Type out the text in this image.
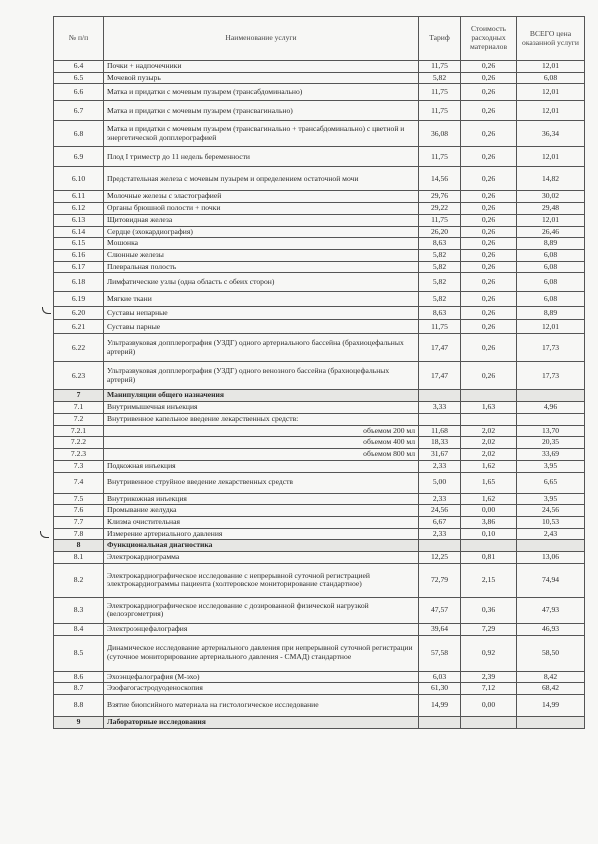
№ п/п	Наименование услуги	Тариф	Стоимость расходных материалов	ВСЕГО цена оказанной услуги
6.4	Почки + надпочечники	11,75	0,26	12,01
6.5	Мочевой пузырь	5,82	0,26	6,08
6.6	Матка и придатки с мочевым пузырем (трансабдоминально)	11,75	0,26	12,01
6.7	Матка и придатки с мочевым пузырем (трансвагинально)	11,75	0,26	12,01
6.8	Матка и придатки с мочевым пузырем (трансвагинально + трансабдоминально) с цветной и энергетической допплерографией	36,08	0,26	36,34
6.9	Плод I триместр до 11 недель беременности	11,75	0,26	12,01
6.10	Предстательная железа с мочевым пузырем и определением остаточной мочи	14,56	0,26	14,82
6.11	Молочные железы с эластографией	29,76	0,26	30,02
6.12	Органы брюшной полости + почки	29,22	0,26	29,48
6.13	Щитовидная железа	11,75	0,26	12,01
6.14	Сердце (эхокардиография)	26,20	0,26	26,46
6.15	Мошонка	8,63	0,26	8,89
6.16	Слюнные железы	5,82	0,26	6,08
6.17	Плевральная полость	5,82	0,26	6,08
6.18	Лимфатические узлы (одна область с обеих сторон)	5,82	0,26	6,08
6.19	Мягкие ткани	5,82	0,26	6,08
6.20	Суставы непарные	8,63	0,26	8,89
6.21	Суставы парные	11,75	0,26	12,01
6.22	Ультразвуковая допплерография (УЗДГ) одного артериального бассейна (брахиоцефальных артерий)	17,47	0,26	17,73
6.23	Ультразвуковая допплерография (УЗДГ) одного венозного бассейна (брахиоцефальных артерий)	17,47	0,26	17,73
7	Манипуляции общего назначения			
7.1	Внутримышечная инъекция	3,33	1,63	4,96
7.2	Внутривенное капельное введение лекарственных средств:			
7.2.1	объемом 200 мл	11,68	2,02	13,70
7.2.2	объемом 400 мл	18,33	2,02	20,35
7.2.3	объемом 800 мл	31,67	2,02	33,69
7.3	Подкожная инъекция	2,33	1,62	3,95
7.4	Внутривенное струйное введение лекарственных средств	5,00	1,65	6,65
7.5	Внутрикожная инъекция	2,33	1,62	3,95
7.6	Промывание желудка	24,56	0,00	24,56
7.7	Клизма очистительная	6,67	3,86	10,53
7.8	Измерение артериального давления	2,33	0,10	2,43
8	Функциональная диагностика			
8.1	Электрокардиограмма	12,25	0,81	13,06
8.2	Электрокардиографическое исследование с непрерывной суточной регистрацией электрокардиограммы пациента (холтеровское мониторирование стандартное)	72,79	2,15	74,94
8.3	Электрокардиографическое исследование с дозированной физической нагрузкой (велоэргометрия)	47,57	0,36	47,93
8.4	Электроэнцефалография	39,64	7,29	46,93
8.5	Динамическое исследование артериального давления при непрерывной суточной регистрации (суточное мониторирование артериального давления - СМАД) стандартное	57,58	0,92	58,50
8.6	Эхоэнцефалография (М-эхо)	6,03	2,39	8,42
8.7	Эзофагогастродуоденоскопия	61,30	7,12	68,42
8.8	Взятие биопсийного материала на гистологическое исследование	14,99	0,00	14,99
9	Лабораторные исследования			
